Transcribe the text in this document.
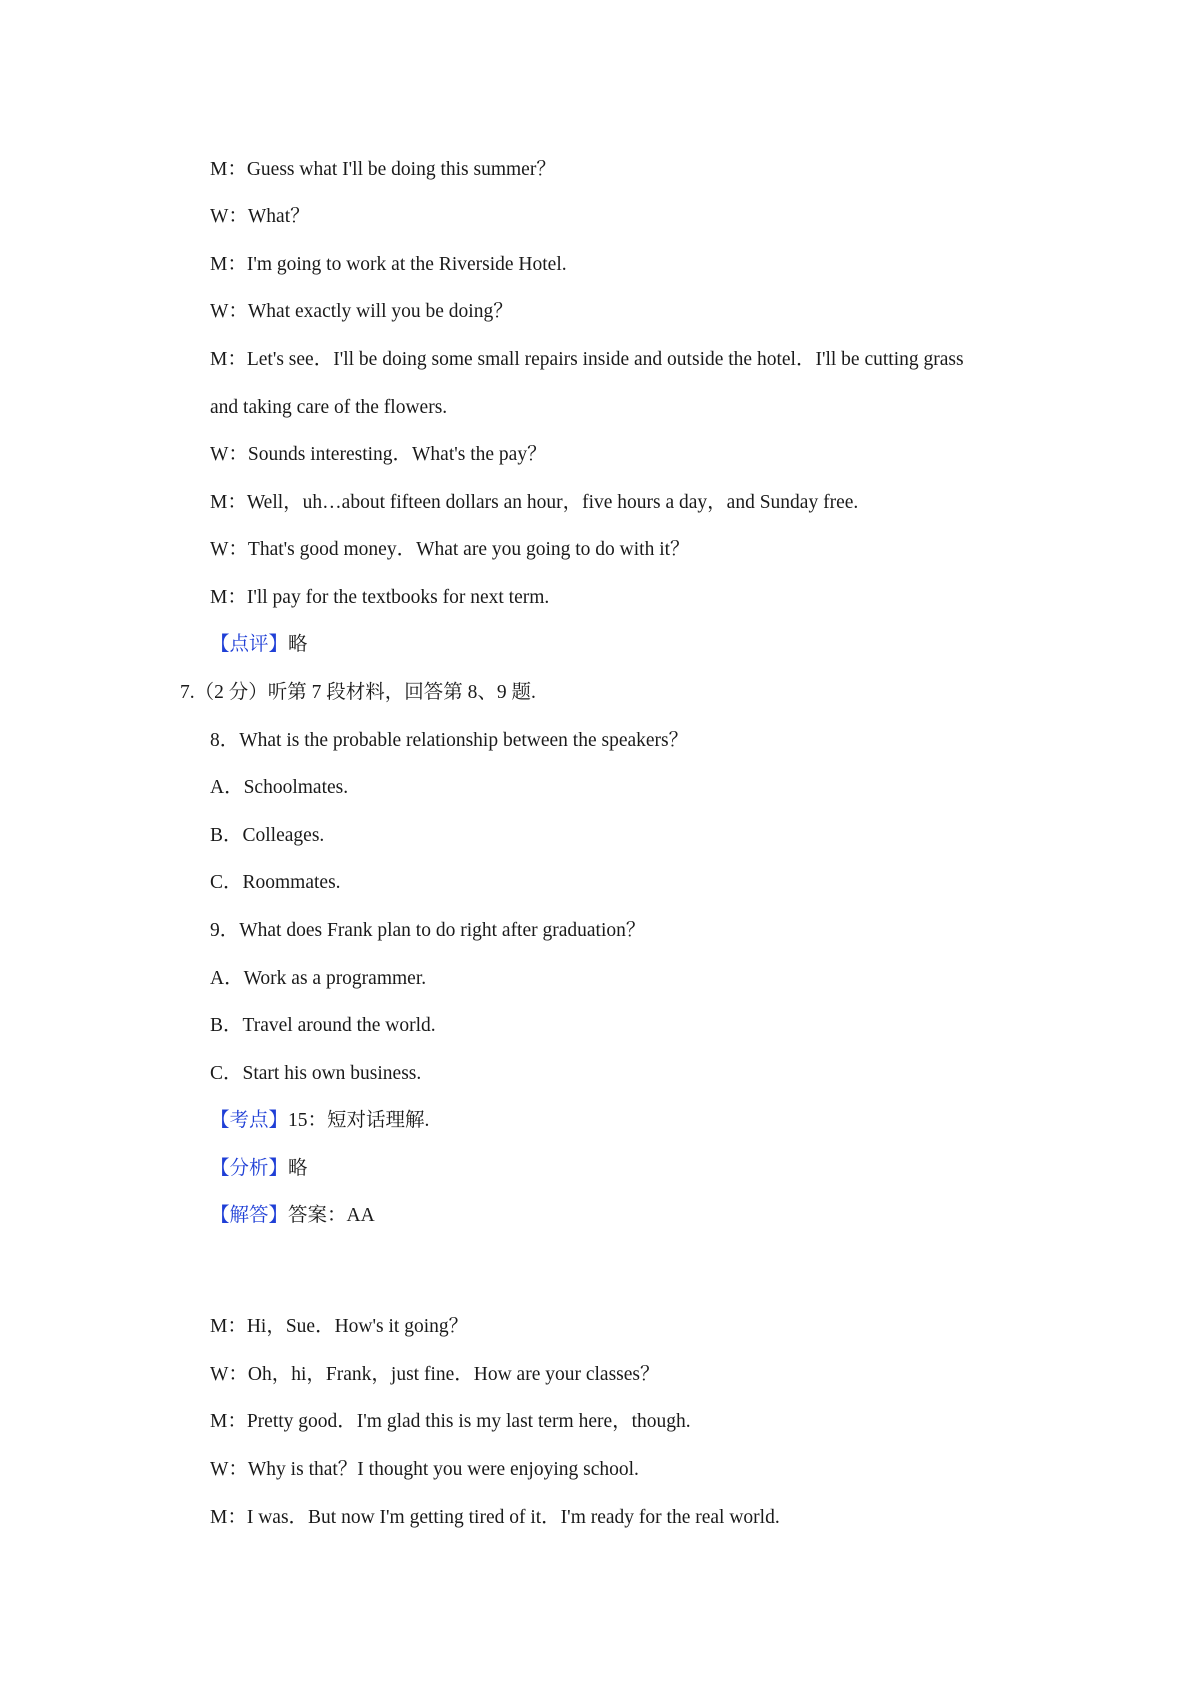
M：Guess what I'll be doing this summer？
W：What？
M：I'm going to work at the Riverside Hotel.
W：What exactly will you be doing？
M：Let's see．I'll be doing some small repairs inside and outside the hotel．I'll be cutting grass
and taking care of the flowers.
W：Sounds interesting．What's the pay？
M：Well，uh…about fifteen dollars an hour，five hours a day，and Sunday free.
W：That's good money．What are you going to do with it？
M：I'll pay for the textbooks for next term.
【点评】略
7.（2 分）听第 7 段材料，回答第 8、9 题.
8．What is the probable relationship between the speakers？
A．Schoolmates.
B．Colleages.
C．Roommates.
9．What does Frank plan to do right after graduation？
A．Work as a programmer.
B．Travel around the world.
C．Start his own business.
【考点】15：短对话理解.
【分析】略
【解答】答案：AA
M：Hi，Sue．How's it going？
W：Oh，hi，Frank，just fine．How are your classes？
M：Pretty good．I'm glad this is my last term here，though.
W：Why is that？I thought you were enjoying school.
M：I was．But now I'm getting tired of it．I'm ready for the real world.
